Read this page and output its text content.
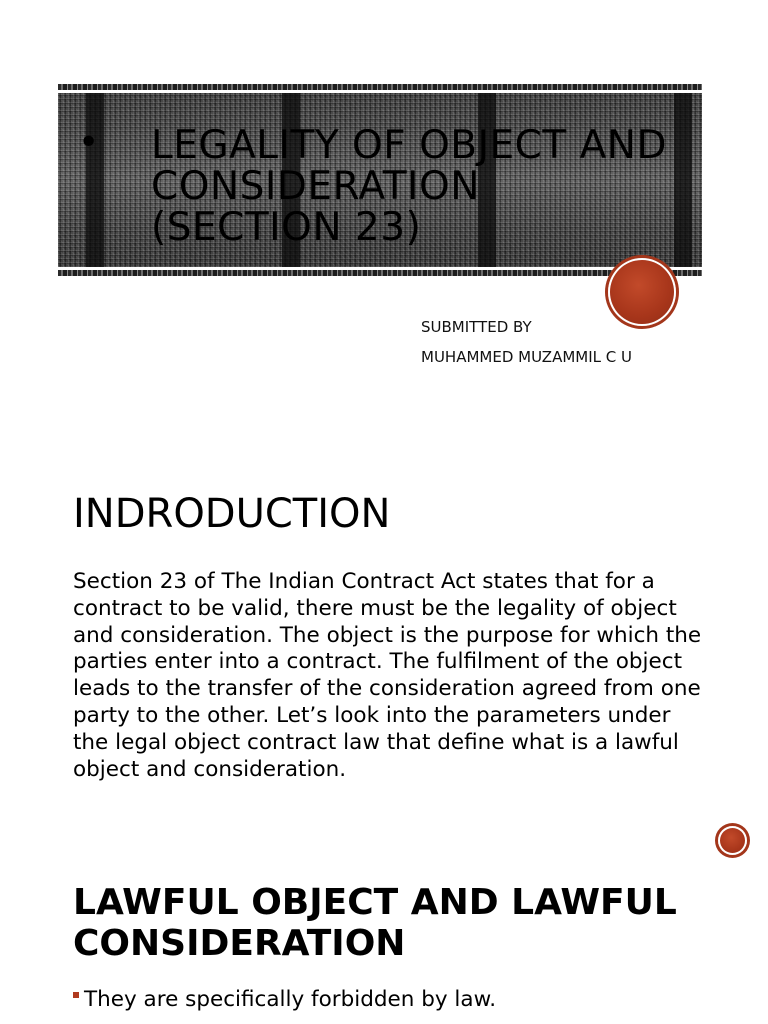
• LEGALITY OF OBJECT AND CONSIDERATION (SECTION 23)
SUBMITTED BY
MUHAMMED MUZAMMIL C U
INDRODUCTION

Section 23 of The Indian Contract Act states that for a contract to be valid, there must be the legality of object and consideration. The object is the purpose for which the parties enter into a contract. The fulfilment of the object leads to the transfer of the consideration agreed from one party to the other. Let’s look into the parameters under the legal object contract law that define what is a lawful object and consideration.

LAWFUL OBJECT AND LAWFUL CONSIDERATION
They are specifically forbidden by law.
